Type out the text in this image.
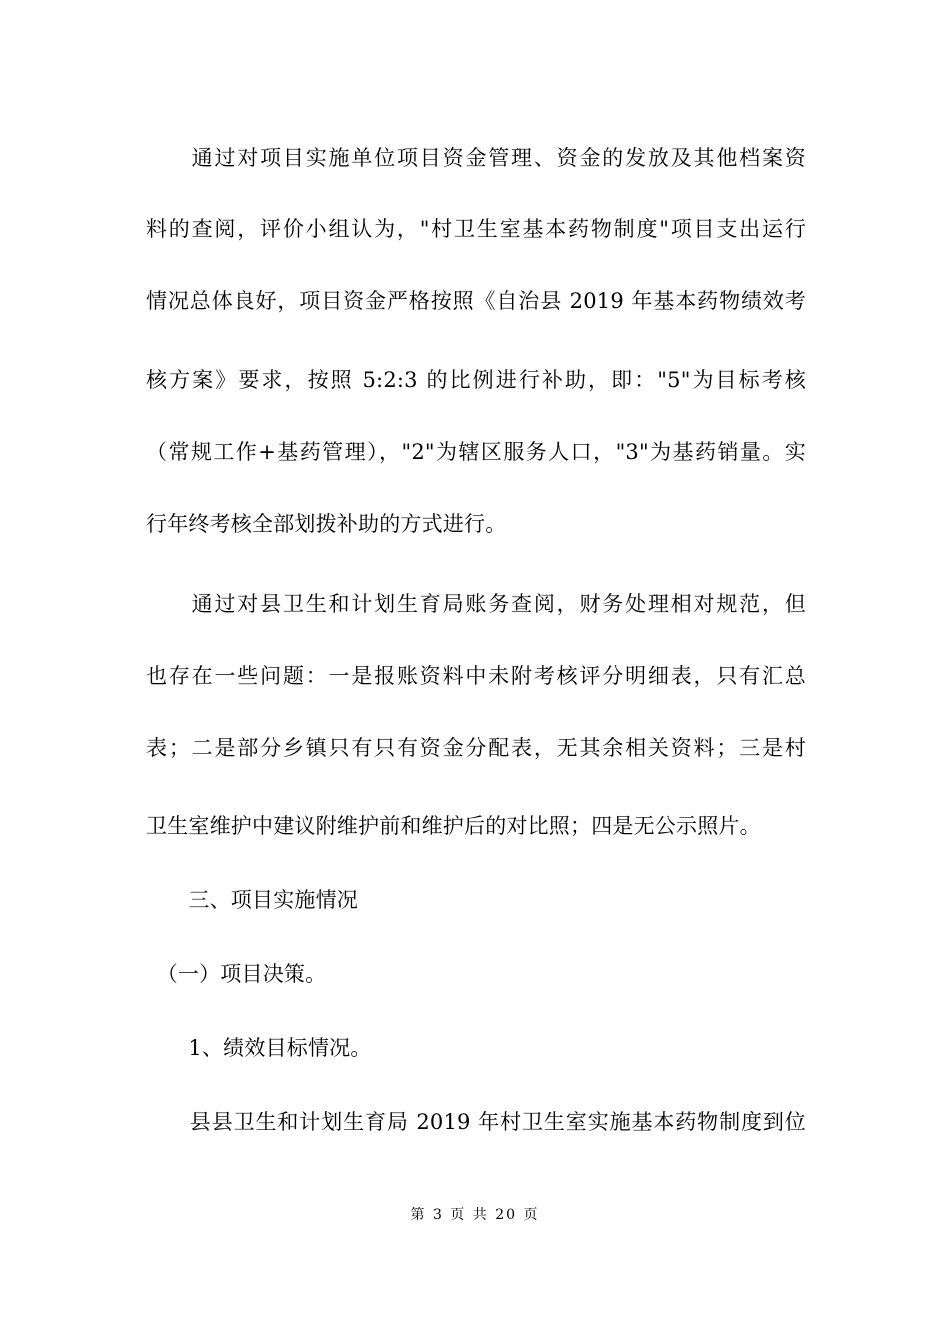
　　通过对项目实施单位项目资金管理、资金的发放及其他档案资
料的查阅，评价小组认为，"村卫生室基本药物制度"项目支出运行
情况总体良好，项目资金严格按照《自治县 2019 年基本药物绩效考
核方案》要求，按照 5:2:3 的比例进行补助，即："5"为目标考核
（常规工作+基药管理），"2"为辖区服务人口，"3"为基药销量。实
行年终考核全部划拨补助的方式进行。
　　通过对县卫生和计划生育局账务查阅，财务处理相对规范，但
也存在一些问题：一是报账资料中未附考核评分明细表，只有汇总
表；二是部分乡镇只有只有资金分配表，无其余相关资料；三是村
卫生室维护中建议附维护前和维护后的对比照；四是无公示照片。
　　三、项目实施情况
　（一）项目决策。
　　1、绩效目标情况。
　　县县卫生和计划生育局 2019 年村卫生室实施基本药物制度到位
第 3 页 共 20 页
